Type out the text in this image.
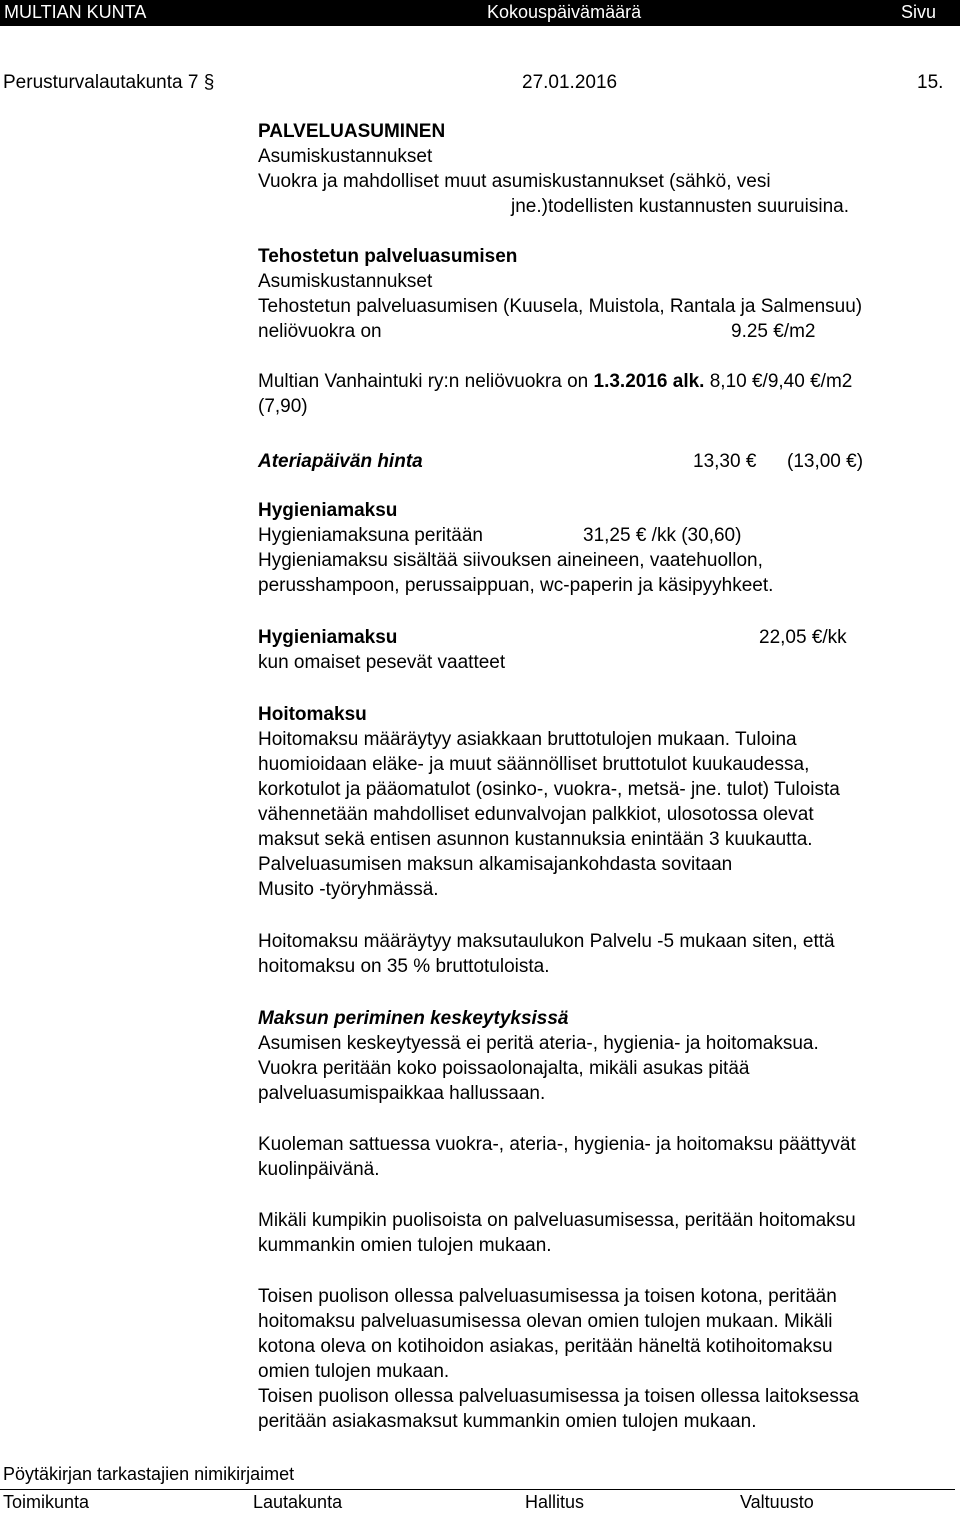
MULTIAN KUNTA	Kokouspäivämäärä	Sivu
Perusturvalautakunta 7 §	27.01.2016	15.
PALVELUASUMINEN
Asumiskustannukset
Vuokra ja mahdolliset muut asumiskustannukset (sähkö, vesi
jne.)todellisten kustannusten suuruisina.
Tehostetun palveluasumisen
Asumiskustannukset
Tehostetun palveluasumisen (Kuusela, Muistola, Rantala ja Salmensuu)
neliövuokra on	9.25 €/m2
Multian Vanhaintuki ry:n neliövuokra on 1.3.2016 alk. 8,10 €/9,40 €/m2
(7,90)
Ateriapäivän hinta	13,30 € (13,00 €)
Hygieniamaksu
Hygieniamaksuna peritään	31,25 € /kk (30,60)
Hygieniamaksu sisältää siivouksen aineineen, vaatehuollon,
perusshampoon, perussaippuan, wc-paperin ja käsipyyhkeet.
Hygieniamaksu	22,05 €/kk
kun omaiset pesevät vaatteet
Hoitomaksu
Hoitomaksu määräytyy asiakkaan bruttotulojen mukaan. Tuloina
huomioidaan eläke- ja muut säännölliset bruttotulot kuukaudessa,
korkotulot ja pääomatulot (osinko-, vuokra-, metsä- jne. tulot) Tuloista
vähennetään mahdolliset edunvalvojan palkkiot, ulosotossa olevat
maksut sekä entisen asunnon kustannuksia enintään 3 kuukautta.
Palveluasumisen maksun alkamisajankohdasta sovitaan
Musito -työryhmässä.
Hoitomaksu määräytyy maksutaulukon Palvelu -5 mukaan siten, että
hoitomaksu on 35 % bruttotuloista.
Maksun periminen keskeytyksissä
Asumisen keskeytyessä ei peritä ateria-, hygienia- ja hoitomaksua.
Vuokra peritään koko poissaolonajalta, mikäli asukas pitää
palveluasumispaikkaa hallussaan.
Kuoleman sattuessa vuokra-, ateria-, hygienia- ja hoitomaksu päättyvät
kuolinpäivänä.
Mikäli kumpikin puolisoista on palveluasumisessa, peritään hoitomaksu
kummankin omien tulojen mukaan.
Toisen puolison ollessa palveluasumisessa ja toisen kotona, peritään
hoitomaksu palveluasumisessa olevan omien tulojen mukaan. Mikäli
kotona oleva on kotihoidon asiakas, peritään häneltä kotihoitomaksu
omien tulojen mukaan.
Toisen puolison ollessa palveluasumisessa ja toisen ollessa laitoksessa
peritään asiakasmaksut kummankin omien tulojen mukaan.
Pöytäkirjan tarkastajien nimikirjaimet
Toimikunta	Lautakunta	Hallitus	Valtuusto
